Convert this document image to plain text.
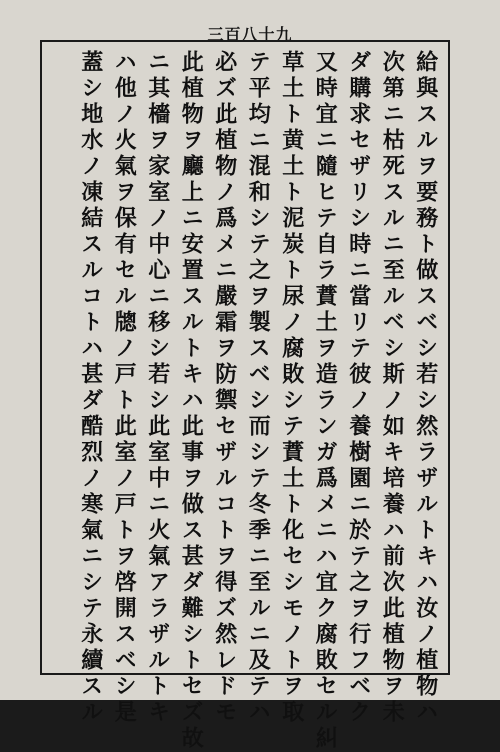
三百八十九
給與スルヲ要務ト做スベシ若シ然ラザルトキハ汝ノ植物ハ
次第ニ枯死スルニ至ルベシ斯ノ如キ培養ハ前次此植物ヲ未
ダ購求セザリシ時ニ當リテ彼ノ養樹園ニ於テ之ヲ行フベク
又時宜ニ隨ヒテ自ラ蕡土ヲ造ランガ爲メニハ宜ク腐敗セル糾
草土ト黄土ト泥炭ト尿ノ腐敗シテ蕡土ト化セシモノトヲ取
テ平均ニ混和シテ之ヲ製スベシ而シテ冬季ニ至ルニ及テハ
必ズ此植物ノ爲メニ嚴霜ヲ防禦セザルコトヲ得ズ然レドモ
此植物ヲ廳上ニ安置スルトキハ此事ヲ做ス甚ダ難シトセズ故
ニ其檣ヲ家室ノ中心ニ移シ若シ此室中ニ火氣アラザルトキ
ハ他ノ火氣ヲ保有セル牕ノ戸ト此室ノ戸トヲ啓開スベシ是
蓋シ地水ノ凍結スルコトハ甚ダ酷烈ノ寒氣ニシテ永續スル
